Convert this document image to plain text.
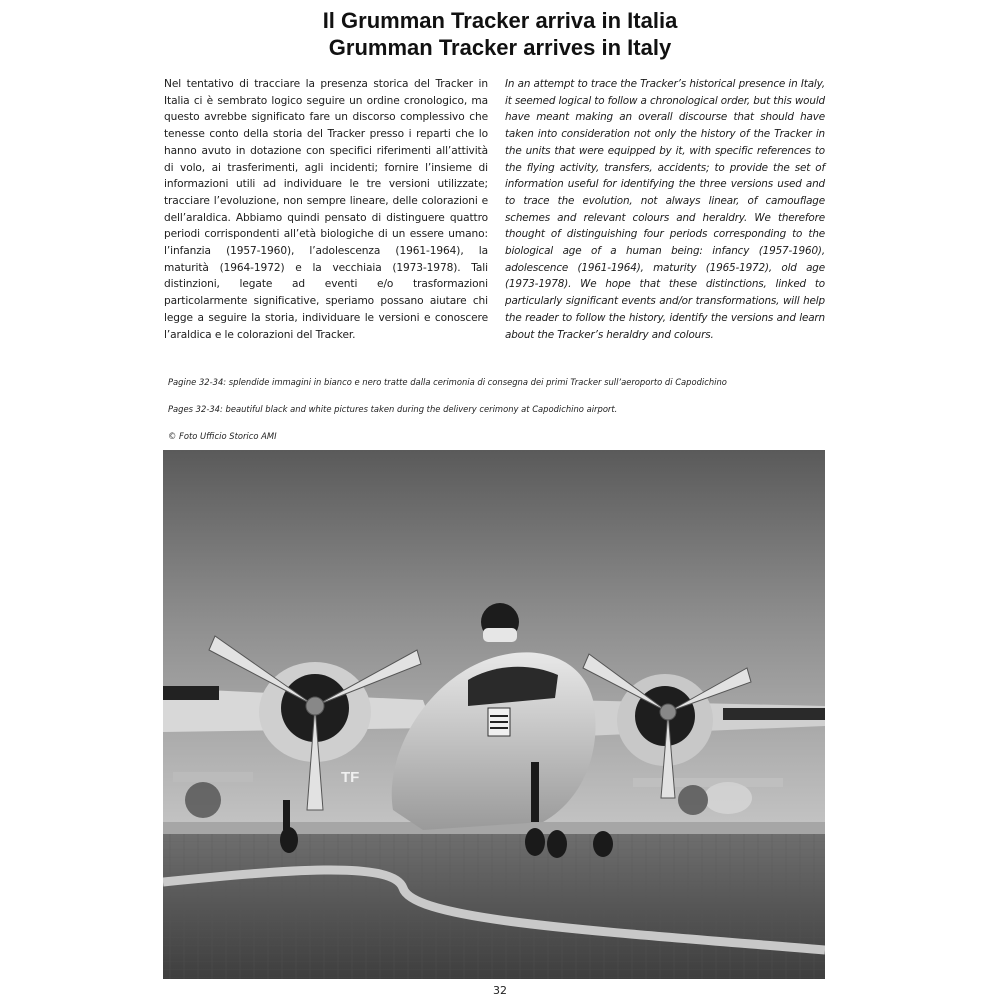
Il Grumman Tracker arriva in Italia
Grumman Tracker arrives in Italy
Nel tentativo di tracciare la presenza storica del Tracker in Italia ci è sembrato logico seguire un ordine cronologico, ma questo avrebbe significato fare un discorso complessivo che tenesse conto della storia del Tracker presso i reparti che lo hanno avuto in dotazione con specifici riferimenti all’attività di volo, ai trasferimenti, agli incidenti; fornire l’insieme di informazioni utili ad individuare le tre versioni utilizzate; tracciare l’evoluzione, non sempre lineare, delle colorazioni e dell’araldica. Abbiamo quindi pensato di distinguere quattro periodi corrispondenti all’età biologiche di un essere umano: l’infanzia (1957-1960), l’adolescenza (1961-1964), la maturità (1964-1972) e la vecchiaia (1973-1978). Tali distinzioni, legate ad eventi e/o trasformazioni particolarmente significative, speriamo possano aiutare chi legge a seguire la storia, individuare le versioni e conoscere l’araldica e le colorazioni del Tracker.
In an attempt to trace the Tracker’s historical presence in Italy, it seemed logical to follow a chronological order, but this would have meant making an overall discourse that should have taken into consideration not only the history of the Tracker in the units that were equipped by it, with specific references to the flying activity, transfers, accidents; to provide the set of information useful for identifying the three versions used and to trace the evolution, not always linear, of camouflage schemes and relevant colours and heraldry. We therefore thought of distinguishing four periods corresponding to the biological age of a human being: infancy (1957-1960), adolescence (1961-1964), maturity (1965-1972), old age (1973-1978). We hope that these distinctions, linked to particularly significant events and/or transformations, will help the reader to follow the history, identify the versions and learn about the Tracker’s heraldry and colours.
Pagine 32-34: splendide immagini in bianco e nero tratte dalla cerimonia di consegna dei primi Tracker sull’aeroporto di Capodichino
Pages 32-34: beautiful black and white pictures taken during the delivery cerimony at Capodichino airport.
© Foto Ufficio Storico AMI
TF
32
